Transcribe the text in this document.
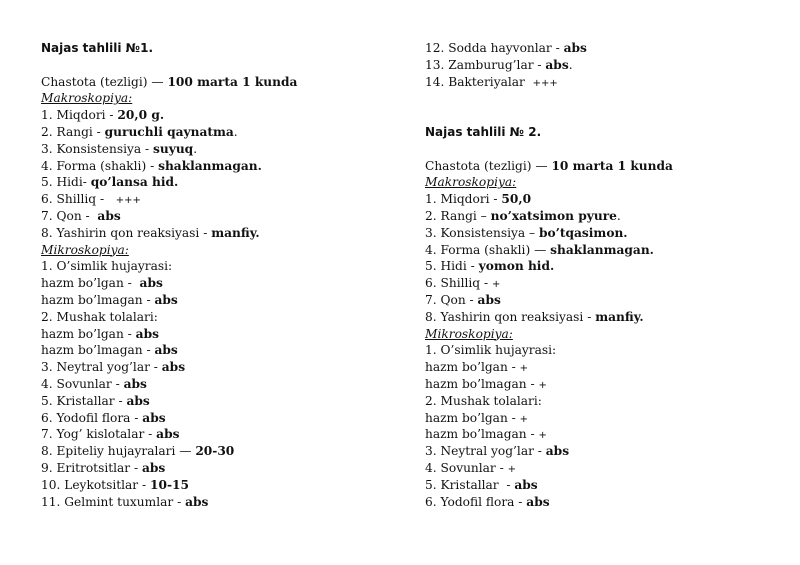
Najas tahlili №1.
Chastota (tezligi) — 100 marta 1 kunda
Makroskopiya:
1. Miqdori - 20,0 g.
2. Rangi - guruchli qaynatma.
3. Konsistensiya - suyuq.
4. Forma (shakli) - shaklanmagan.
5. Hidi- qo’lansa hid.
6. Shilliq -   +++
7. Qon -  abs
8. Yashirin qon reaksiyasi - manfiy.
Mikroskopiya:
1. O’simlik hujayrasi:
hazm bo’lgan -  abs
hazm bo’lmagan - abs
2. Mushak tolalari:
hazm bo’lgan - abs
hazm bo’lmagan - abs
3. Neytral yog’lar - abs
4. Sovunlar - abs
5. Kristallar - abs
6. Yodofil flora - abs
7. Yog’ kislotalar - abs
8. Epiteliy hujayralari — 20-30
9. Eritrotsitlar - abs
10. Leykotsitlar - 10-15
11. Gelmint tuxumlar - abs
12. Sodda hayvonlar - abs
13. Zamburug’lar - abs.
14. Bakteriyalar  +++
Najas tahlili № 2.
Chastota (tezligi) — 10 marta 1 kunda
Makroskopiya:
1. Miqdori - 50,0
2. Rangi – no’xatsimon pyure.
3. Konsistensiya – bo’tqasimon.
4. Forma (shakli) — shaklanmagan.
5. Hidi - yomon hid.
6. Shilliq - +
7. Qon - abs
8. Yashirin qon reaksiyasi - manfiy.
Mikroskopiya:
1. O’simlik hujayrasi:
hazm bo’lgan - +
hazm bo’lmagan - +
2. Mushak tolalari:
hazm bo’lgan - +
hazm bo’lmagan - +
3. Neytral yog’lar - abs
4. Sovunlar - +
5. Kristallar  - abs
6. Yodofil flora - abs
